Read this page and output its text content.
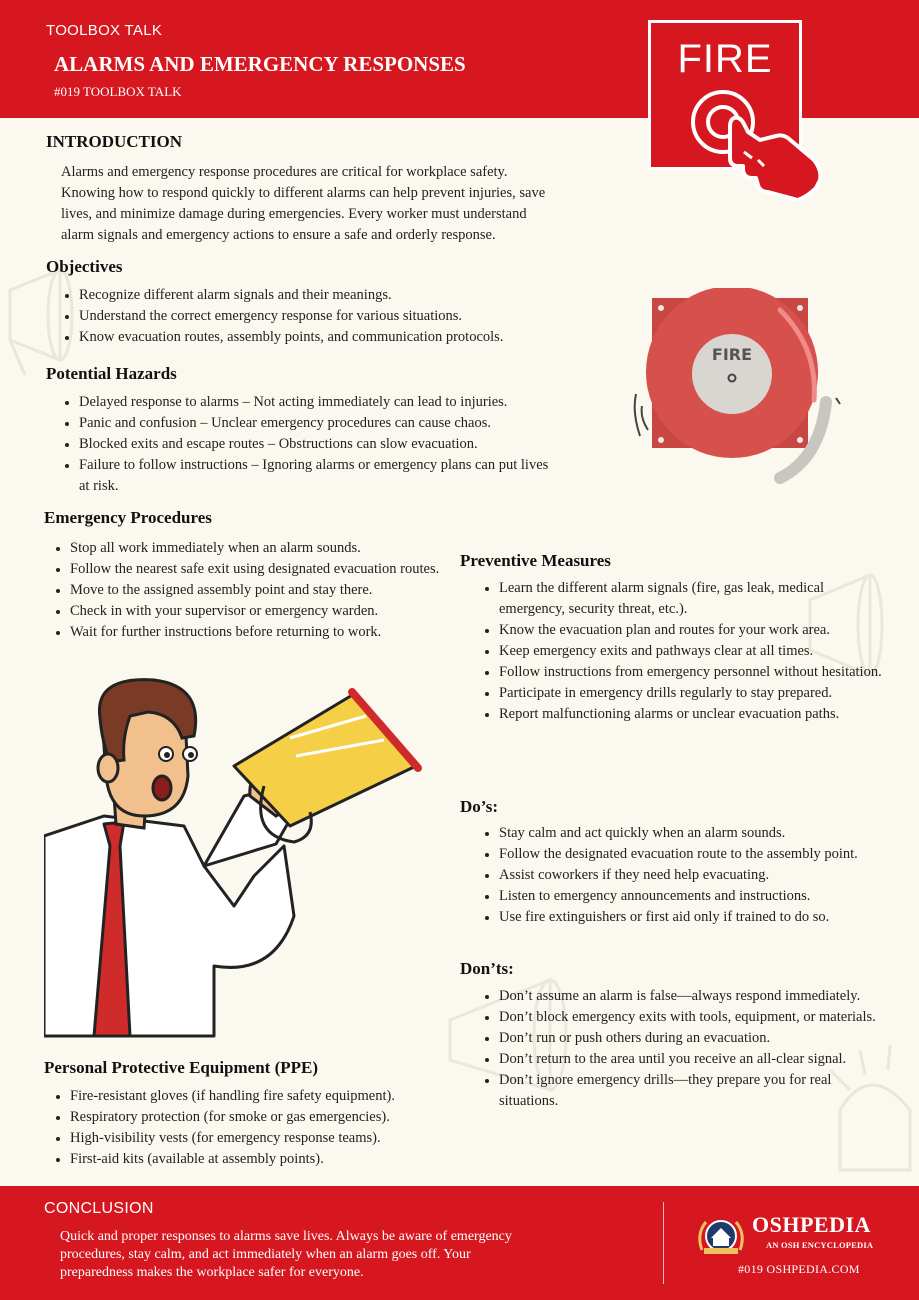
TOOLBOX TALK
ALARMS AND EMERGENCY RESPONSES
#019 TOOLBOX TALK
FIRE
INTRODUCTION
Alarms and emergency response procedures are critical for workplace safety.
Knowing how to respond quickly to different alarms can help prevent injuries, save
lives, and minimize damage during emergencies. Every worker must understand
alarm signals and emergency actions to ensure a safe and orderly response.
Objectives
• Recognize different alarm signals and their meanings.
• Understand the correct emergency response for various situations.
• Know evacuation routes, assembly points, and communication protocols.
Potential Hazards
• Delayed response to alarms – Not acting immediately can lead to injuries.
• Panic and confusion – Unclear emergency procedures can cause chaos.
• Blocked exits and escape routes – Obstructions can slow evacuation.
• Failure to follow instructions – Ignoring alarms or emergency plans can put lives at risk.
FIRE
Emergency Procedures
• Stop all work immediately when an alarm sounds.
• Follow the nearest safe exit using designated evacuation routes.
• Move to the assigned assembly point and stay there.
• Check in with your supervisor or emergency warden.
• Wait for further instructions before returning to work.
Preventive Measures
• Learn the different alarm signals (fire, gas leak, medical emergency, security threat, etc.).
• Know the evacuation plan and routes for your work area.
• Keep emergency exits and pathways clear at all times.
• Follow instructions from emergency personnel without hesitation.
• Participate in emergency drills regularly to stay prepared.
• Report malfunctioning alarms or unclear evacuation paths.
Do’s:
• Stay calm and act quickly when an alarm sounds.
• Follow the designated evacuation route to the assembly point.
• Assist coworkers if they need help evacuating.
• Listen to emergency announcements and instructions.
• Use fire extinguishers or first aid only if trained to do so.
Don’ts:
• Don’t assume an alarm is false—always respond immediately.
• Don’t block emergency exits with tools, equipment, or materials.
• Don’t run or push others during an evacuation.
• Don’t return to the area until you receive an all-clear signal.
• Don’t ignore emergency drills—they prepare you for real situations.
Personal Protective Equipment (PPE)
• Fire-resistant gloves (if handling fire safety equipment).
• Respiratory protection (for smoke or gas emergencies).
• High-visibility vests (for emergency response teams).
• First-aid kits (available at assembly points).
CONCLUSION
Quick and proper responses to alarms save lives. Always be aware of emergency
procedures, stay calm, and act immediately when an alarm goes off. Your
preparedness makes the workplace safer for everyone.
OSHPEDIA
AN OSH ENCYCLOPEDIA
#019 OSHPEDIA.COM
